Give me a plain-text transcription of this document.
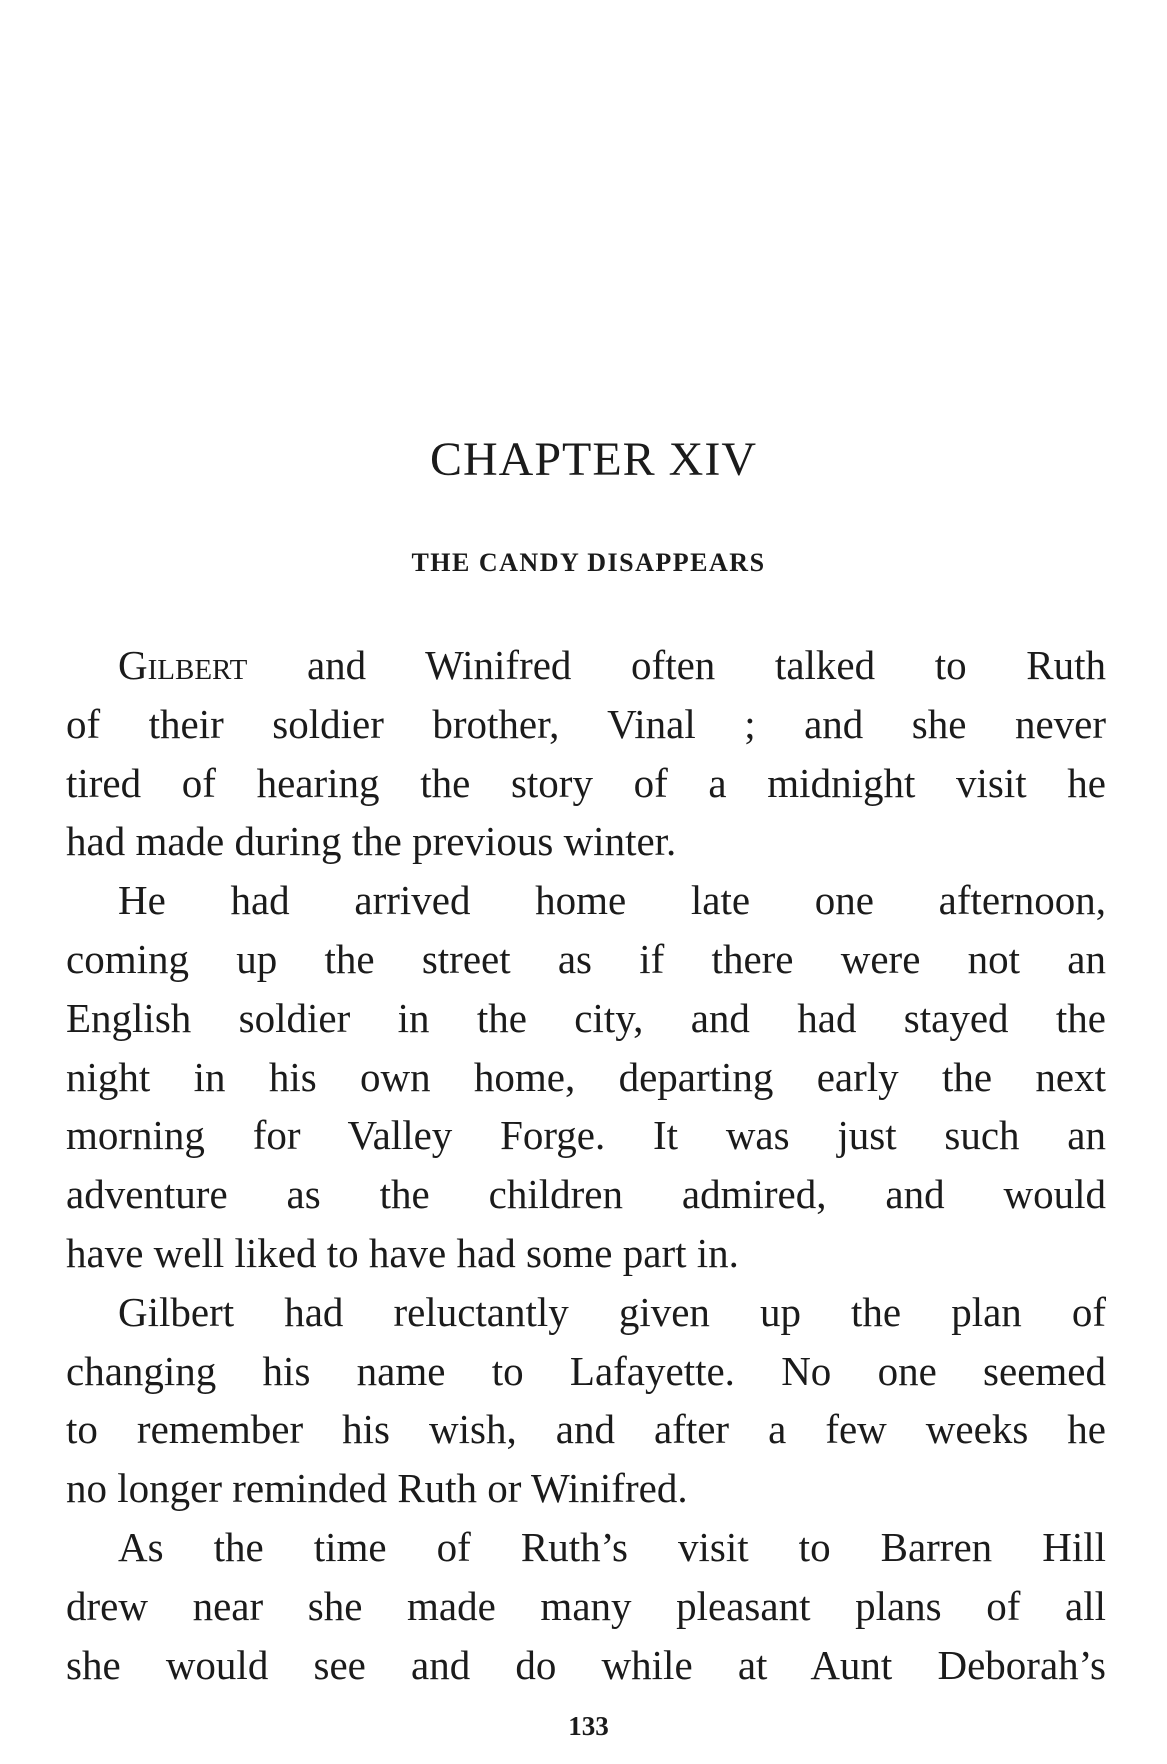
CHAPTER XIV
THE CANDY DISAPPEARS
Gilbert and Winifred often talked to Ruth
of their soldier brother, Vinal ; and she never
tired of hearing the story of a midnight visit he
had made during the previous winter.
He had arrived home late one afternoon,
coming up the street as if there were not an
English soldier in the city, and had stayed the
night in his own home, departing early the next
morning for Valley Forge. It was just such an
adventure as the children admired, and would
have well liked to have had some part in.
Gilbert had reluctantly given up the plan of
changing his name to Lafayette. No one seemed
to remember his wish, and after a few weeks he
no longer reminded Ruth or Winifred.
As the time of Ruth’s visit to Barren Hill
drew near she made many pleasant plans of all
she would see and do while at Aunt Deborah’s
133
